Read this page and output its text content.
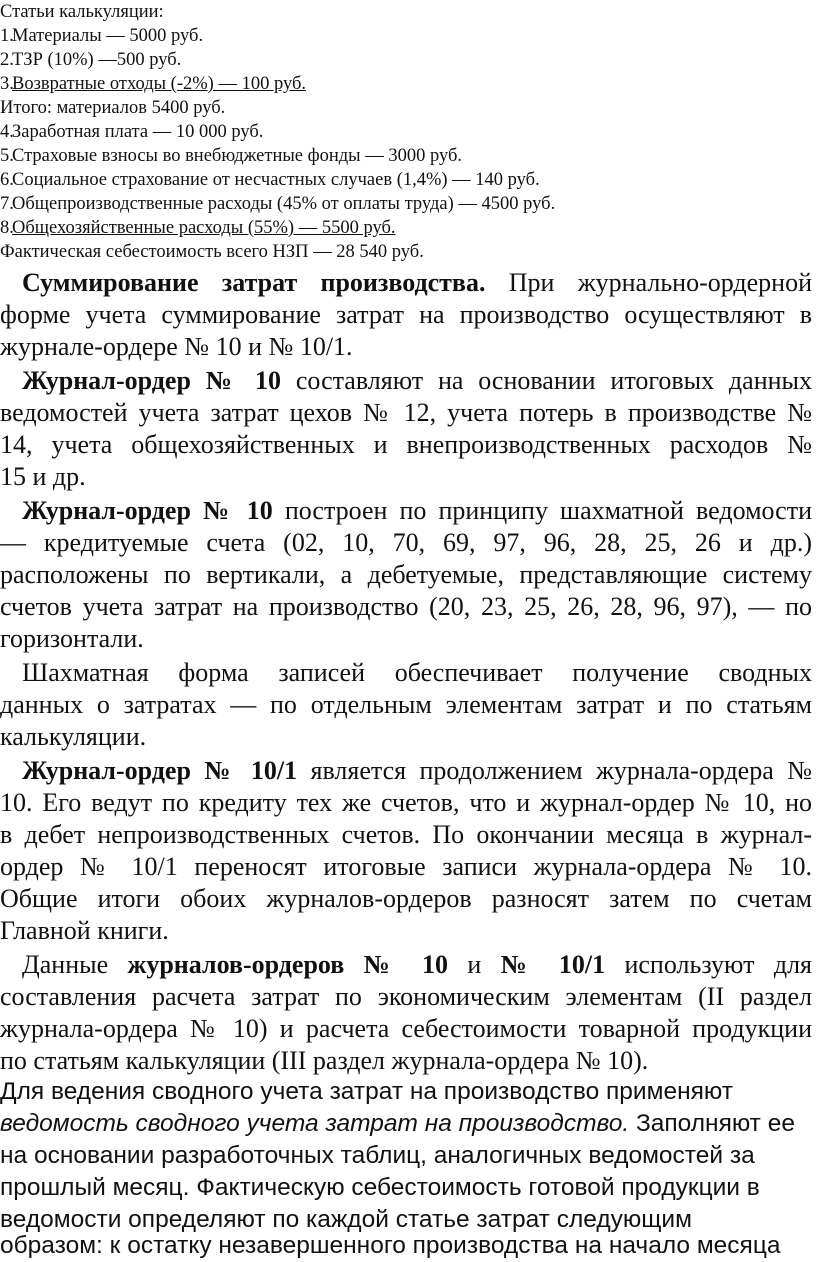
Статьи калькуляции:
1.Материалы — 5000 руб.
2.ТЗР (10%) —500 руб.
3.Возвратные отходы (-2%) — 100 руб.
Итого: материалов 5400 руб.
4.Заработная плата — 10 000 руб.
5.Страховые взносы во внебюджетные фонды — 3000 руб.
6.Социальное страхование от несчастных случаев (1,4%) — 140 руб.
7.Общепроизводственные расходы (45% от оплаты труда) — 4500 руб.
8.Общехозяйственные расходы (55%) — 5500 руб.
Фактическая себестоимость всего НЗП — 28 540 руб.
Суммирование затрат производства. При журнально-ордерной
форме учета суммирование затрат на производство осуществляют в
журнале-ордере № 10 и № 10/1.
Журнал-ордер № 10 составляют на основании итоговых данных
ведомостей учета затрат цехов № 12, учета потерь в производстве №
14, учета общехозяйственных и внепроизводственных расходов №
15 и др.
Журнал-ордер № 10 построен по принципу шахматной ведомости
— кредитуемые счета (02, 10, 70, 69, 97, 96, 28, 25, 26 и др.)
расположены по вертикали, а дебетуемые, представляющие систему
счетов учета затрат на производство (20, 23, 25, 26, 28, 96, 97), — по
горизонтали.
Шахматная форма записей обеспечивает получение сводных
данных о затратах — по отдельным элементам затрат и по статьям
калькуляции.
Журнал-ордер № 10/1 является продолжением журнала-ордера №
10. Его ведут по кредиту тех же счетов, что и журнал-ордер № 10, но
в дебет непроизводственных счетов. По окончании месяца в журнал-
ордер № 10/1 переносят итоговые записи журнала-ордера № 10.
Общие итоги обоих журналов-ордеров разносят затем по счетам
Главной книги.
Данные журналов-ордеров № 10 и № 10/1 используют для
составления расчета затрат по экономическим элементам (II раздел
журнала-ордера № 10) и расчета себестоимости товарной продукции
по статьям калькуляции (III раздел журнала-ордера № 10).
Для ведения сводного учета затрат на производство применяют
ведомость сводного учета затрат на производство. Заполняют ее
на основании разработочных таблиц, аналогичных ведомостей за
прошлый месяц. Фактическую себестоимость готовой продукции в
ведомости определяют по каждой статье затрат следующим
образом: к остатку незавершенного производства на начало месяца
